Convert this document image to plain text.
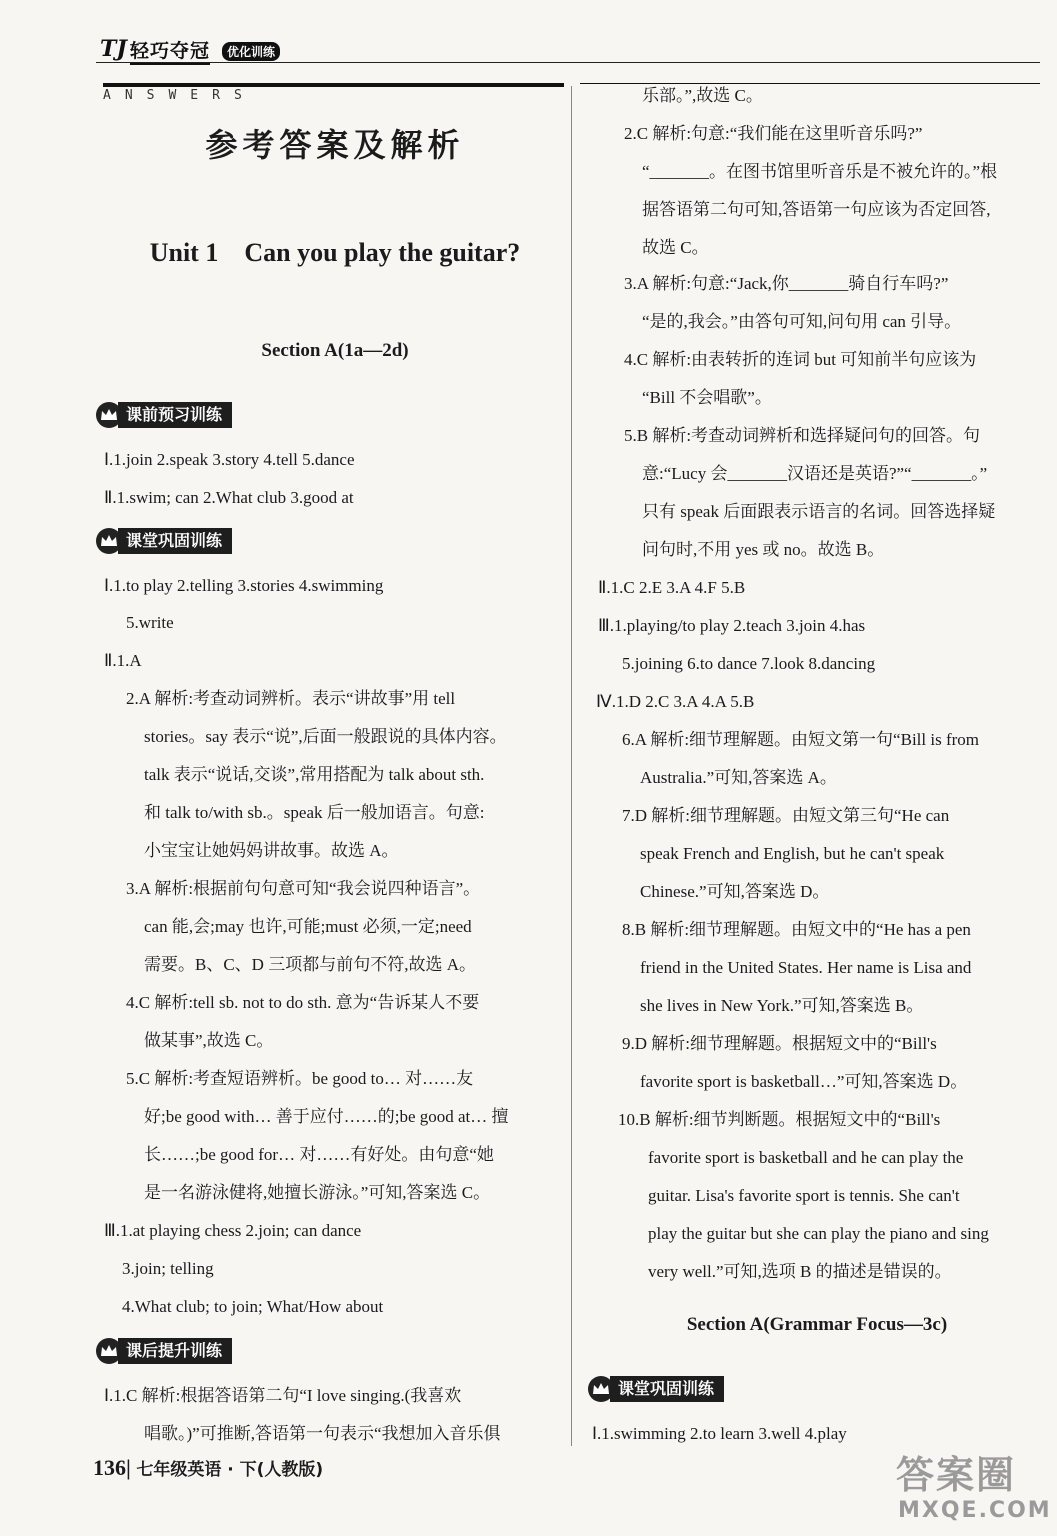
TJ 轻巧夺冠	优化训练
ANSWERS
参考答案及解析
Unit 1    Can you play the guitar?
Section A(1a—2d)
课前预习训练
课堂巩固训练
课后提升训练
Ⅰ.1.join 2.speak 3.story 4.tell 5.dance
Ⅱ.1.swim; can 2.What club 3.good at
Ⅰ.1.to play 2.telling 3.stories 4.swimming
5.write
Ⅱ.1.A
2.A 解析:考查动词辨析。表示“讲故事”用 tell
stories。say 表示“说”,后面一般跟说的具体内容。
talk 表示“说话,交谈”,常用搭配为 talk about sth.
和 talk to/with sb.。speak 后一般加语言。句意:
小宝宝让她妈妈讲故事。故选 A。
3.A 解析:根据前句句意可知“我会说四种语言”。
can 能,会;may 也许,可能;must 必须,一定;need
需要。B、C、D 三项都与前句不符,故选 A。
4.C 解析:tell sb. not to do sth. 意为“告诉某人不要
做某事”,故选 C。
5.C 解析:考查短语辨析。be good to… 对……友
好;be good with… 善于应付……的;be good at… 擅
长……;be good for… 对……有好处。由句意“她
是一名游泳健将,她擅长游泳。”可知,答案选 C。
Ⅲ.1.at playing chess 2.join; can dance
3.join; telling
4.What club; to join; What/How about
Ⅰ.1.C 解析:根据答语第二句“I love singing.(我喜欢
唱歌。)”可推断,答语第一句表示“我想加入音乐俱
Section A(Grammar Focus—3c)
课堂巩固训练
乐部。”,故选 C。
2.C 解析:句意:“我们能在这里听音乐吗?”
“_______。在图书馆里听音乐是不被允许的。”根
据答语第二句可知,答语第一句应该为否定回答,
故选 C。
3.A 解析:句意:“Jack,你_______骑自行车吗?”
“是的,我会。”由答句可知,问句用 can 引导。
4.C 解析:由表转折的连词 but 可知前半句应该为
“Bill 不会唱歌”。
5.B 解析:考查动词辨析和选择疑问句的回答。句
意:“Lucy 会_______汉语还是英语?”“_______。”
只有 speak 后面跟表示语言的名词。回答选择疑
问句时,不用 yes 或 no。故选 B。
Ⅱ.1.C 2.E 3.A 4.F 5.B
Ⅲ.1.playing/to play 2.teach 3.join 4.has
5.joining 6.to dance 7.look 8.dancing
Ⅳ.1.D 2.C 3.A 4.A 5.B
6.A 解析:细节理解题。由短文第一句“Bill is from
Australia.”可知,答案选 A。
7.D 解析:细节理解题。由短文第三句“He can
speak French and English, but he can't speak
Chinese.”可知,答案选 D。
8.B 解析:细节理解题。由短文中的“He has a pen
friend in the United States. Her name is Lisa and
she lives in New York.”可知,答案选 B。
9.D 解析:细节理解题。根据短文中的“Bill's
favorite sport is basketball…”可知,答案选 D。
10.B 解析:细节判断题。根据短文中的“Bill's
favorite sport is basketball and he can play the
guitar. Lisa's favorite sport is tennis. She can't
play the guitar but she can play the piano and sing
very well.”可知,选项 B 的描述是错误的。
Ⅰ.1.swimming 2.to learn 3.well 4.play
136| 七年级英语 · 下(人教版)	答案圈
MXQE.COM
